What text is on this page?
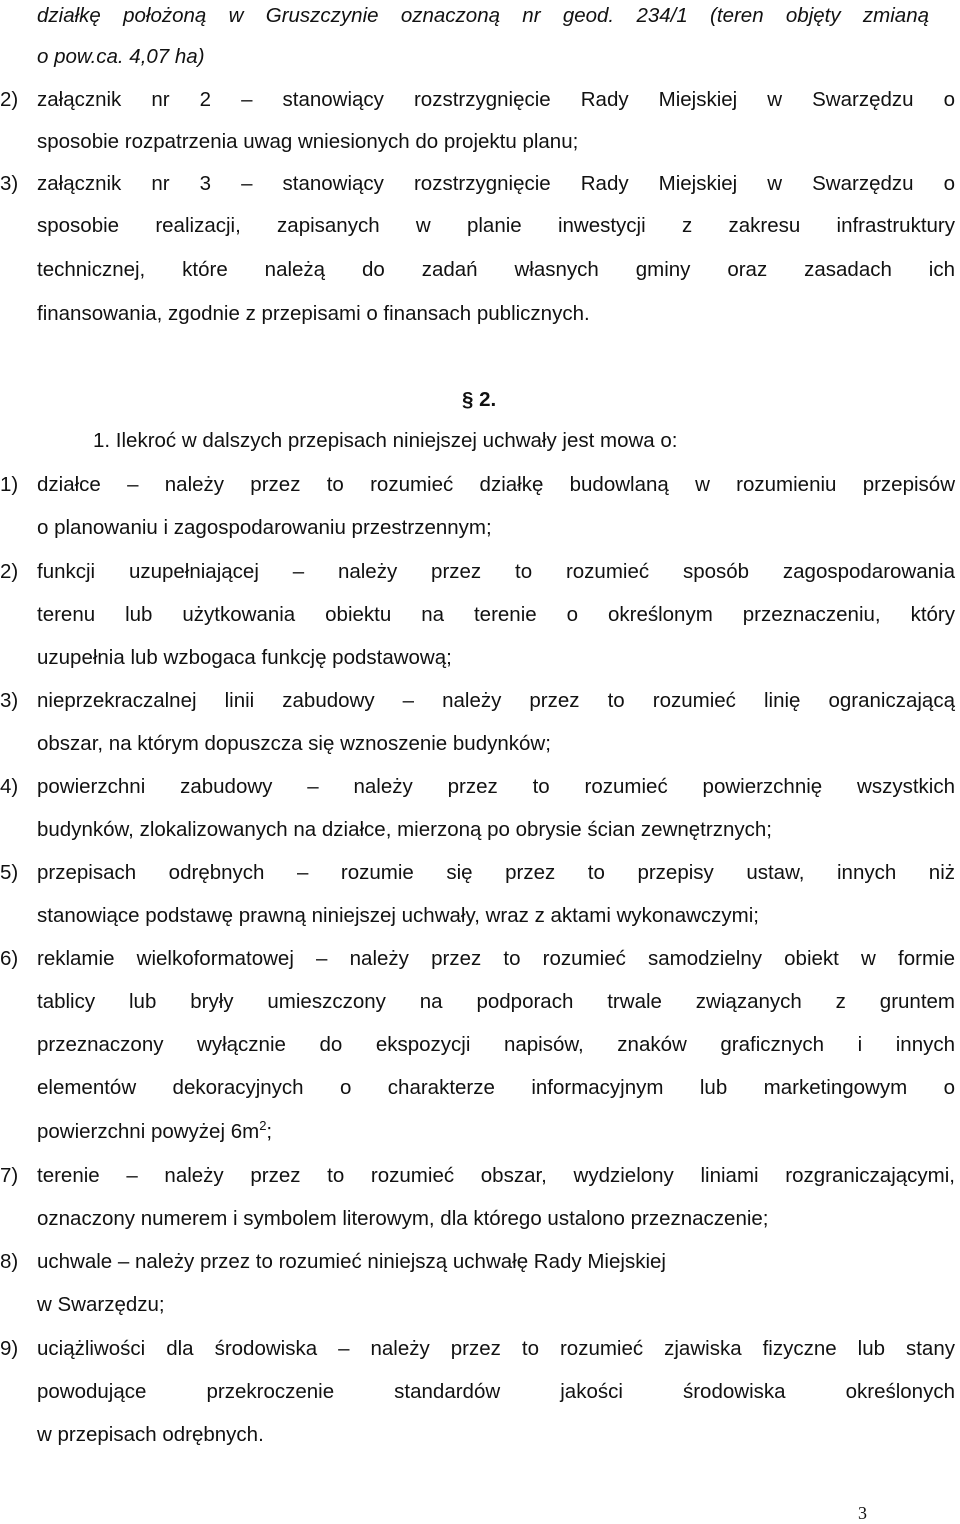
działkę położoną w Gruszczynie oznaczoną nr geod. 234/1 (teren objęty zmianą
o pow.ca. 4,07 ha)
2) załącznik nr 2 – stanowiący rozstrzygnięcie Rady Miejskiej w Swarzędzu o
sposobie rozpatrzenia uwag wniesionych do projektu planu;
3) załącznik nr 3 – stanowiący rozstrzygnięcie Rady Miejskiej w Swarzędzu o
sposobie realizacji, zapisanych w planie inwestycji z zakresu infrastruktury
technicznej, które należą do zadań własnych gminy oraz zasadach ich
finansowania, zgodnie z przepisami o finansach publicznych.
§ 2.
1. Ilekroć w dalszych przepisach niniejszej uchwały jest mowa o:
1) działce – należy przez to rozumieć działkę budowlaną w rozumieniu przepisów
o planowaniu i zagospodarowaniu przestrzennym;
2) funkcji uzupełniającej – należy przez to rozumieć sposób zagospodarowania
terenu lub użytkowania obiektu na terenie o określonym przeznaczeniu, który
uzupełnia lub wzbogaca funkcję podstawową;
3) nieprzekraczalnej linii zabudowy – należy przez to rozumieć linię ograniczającą
obszar, na którym dopuszcza się wznoszenie budynków;
4) powierzchni zabudowy – należy przez to rozumieć powierzchnię wszystkich
budynków, zlokalizowanych na działce, mierzoną po obrysie ścian zewnętrznych;
5) przepisach odrębnych – rozumie się przez to przepisy ustaw, innych niż
stanowiące podstawę prawną niniejszej uchwały, wraz z aktami wykonawczymi;
6) reklamie wielkoformatowej – należy przez to rozumieć samodzielny obiekt w formie
tablicy lub bryły umieszczony na podporach trwale związanych z gruntem
przeznaczony wyłącznie do ekspozycji napisów, znaków graficznych i innych
elementów dekoracyjnych o charakterze informacyjnym lub marketingowym o
powierzchni powyżej $6m^2$;
7) terenie – należy przez to rozumieć obszar, wydzielony liniami rozgraniczającymi,
oznaczony numerem i symbolem literowym, dla którego ustalono przeznaczenie;
8) uchwale – należy przez to rozumieć niniejszą uchwałę Rady Miejskiej
w Swarzędzu;
9) uciążliwości dla środowiska – należy przez to rozumieć zjawiska fizyczne lub stany
powodujące przekroczenie standardów jakości środowiska określonych
w przepisach odrębnych.
3
